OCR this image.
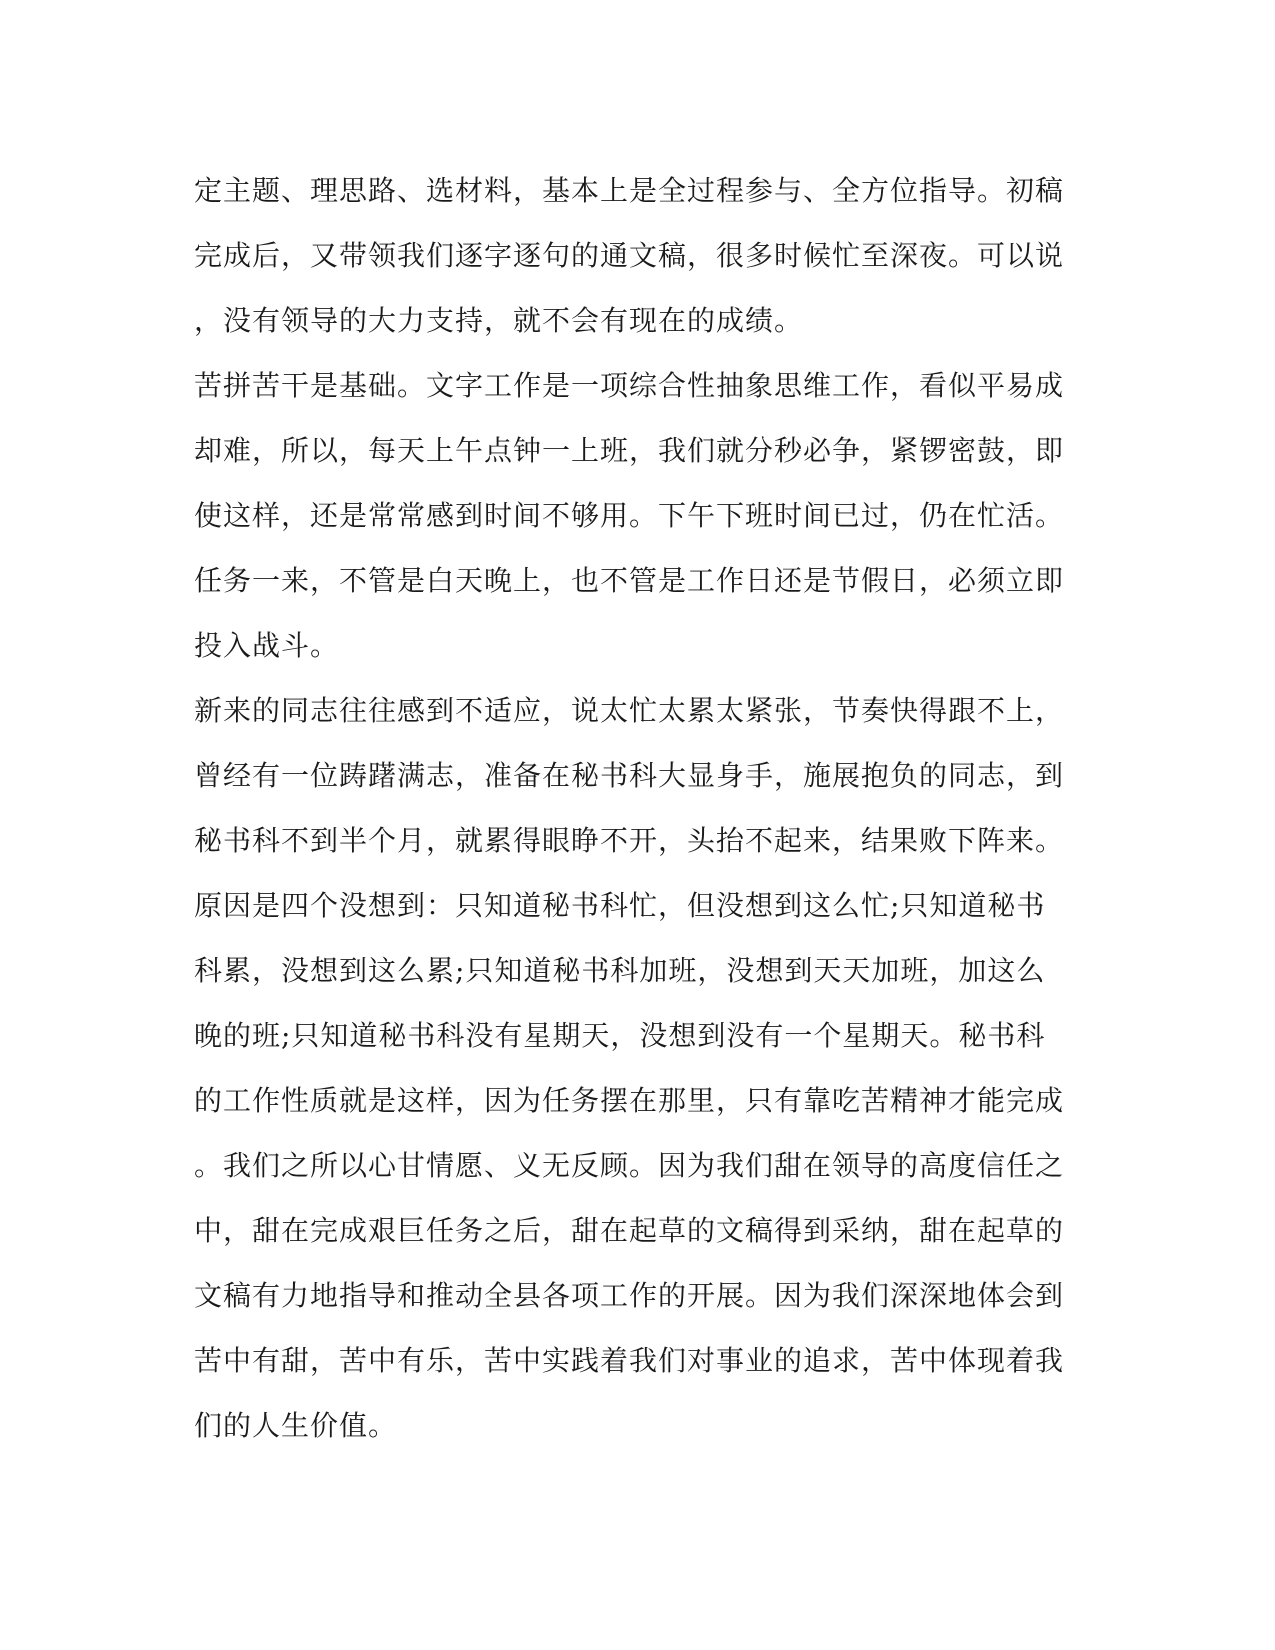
定主题、理思路、选材料，基本上是全过程参与、全方位指导。初稿
完成后，又带领我们逐字逐句的通文稿，很多时候忙至深夜。可以说
，没有领导的大力支持，就不会有现在的成绩。
苦拼苦干是基础。文字工作是一项综合性抽象思维工作，看似平易成
却难，所以，每天上午点钟一上班，我们就分秒必争，紧锣密鼓，即
使这样，还是常常感到时间不够用。下午下班时间已过，仍在忙活。
任务一来，不管是白天晚上，也不管是工作日还是节假日，必须立即
投入战斗。
新来的同志往往感到不适应，说太忙太累太紧张，节奏快得跟不上，
曾经有一位踌躇满志，准备在秘书科大显身手，施展抱负的同志，到
秘书科不到半个月，就累得眼睁不开，头抬不起来，结果败下阵来。
原因是四个没想到：只知道秘书科忙，但没想到这么忙;只知道秘书
科累，没想到这么累;只知道秘书科加班，没想到天天加班，加这么
晚的班;只知道秘书科没有星期天，没想到没有一个星期天。秘书科
的工作性质就是这样，因为任务摆在那里，只有靠吃苦精神才能完成
。我们之所以心甘情愿、义无反顾。因为我们甜在领导的高度信任之
中，甜在完成艰巨任务之后，甜在起草的文稿得到采纳，甜在起草的
文稿有力地指导和推动全县各项工作的开展。因为我们深深地体会到
苦中有甜，苦中有乐，苦中实践着我们对事业的追求，苦中体现着我
们的人生价值。
